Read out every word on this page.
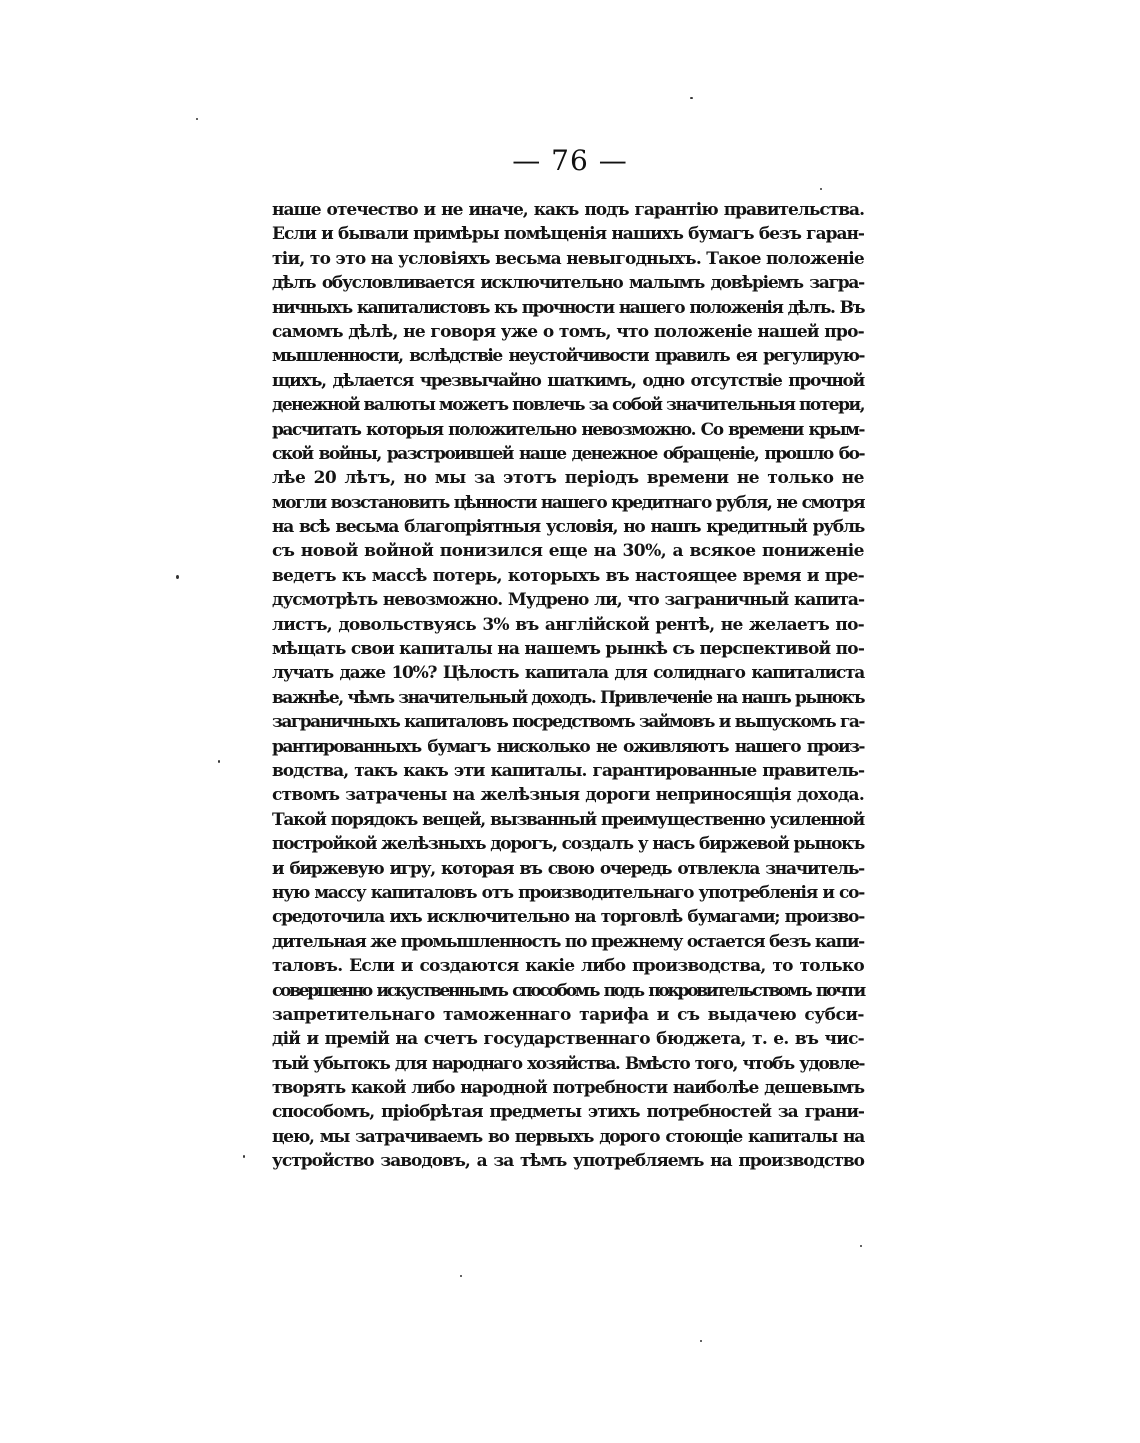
— 76 —
наше отечество и не иначе, какъ подъ гарантію правительства.
Если и бывали примѣры помѣщенія нашихъ бумагъ безъ гаран-
тіи, то это на условіяхъ весьма невыгодныхъ. Такое положеніе
дѣлъ обусловливается исключительно малымъ довѣріемъ загра-
ничныхъ капиталистовъ къ прочности нашего положенія дѣлъ. Въ
самомъ дѣлѣ, не говоря уже о томъ, что положеніе нашей про-
мышленности, вслѣдствіе неустойчивости правилъ ея регулирую-
щихъ, дѣлается чрезвычайно шаткимъ, одно отсутствіе прочной
денежной валюты можетъ повлечь за собой значительныя потери,
расчитать которыя положительно невозможно. Со времени крым-
ской войны, разстроившей наше денежное обращеніе, прошло бо-
лѣе 20 лѣтъ, но мы за этотъ періодъ времени не только не
могли возстановить цѣнности нашего кредитнаго рубля, не смотря
на всѣ весьма благопріятныя условія, но нашъ кредитный рубль
съ новой войной понизился еще на 30%, а всякое пониженіе
ведетъ къ массѣ потерь, которыхъ въ настоящее время и пре-
дусмотрѣть невозможно. Мудрено ли, что заграничный капита-
листъ, довольствуясь 3% въ англійской рентѣ, не желаетъ по-
мѣщать свои капиталы на нашемъ рынкѣ съ перспективой по-
лучать даже 10%? Цѣлость капитала для солиднаго капиталиста
важнѣе, чѣмъ значительный доходъ. Привлеченіе на нашъ рынокъ
заграничныхъ капиталовъ посредствомъ займовъ и выпускомъ га-
рантированныхъ бумагъ нисколько не оживляютъ нашего произ-
водства, такъ какъ эти капиталы. гарантированные правитель-
ствомъ затрачены на желѣзныя дороги неприносящія дохода.
Такой порядокъ вещей, вызванный преимущественно усиленной
постройкой желѣзныхъ дорогъ, создалъ у насъ биржевой рынокъ
и биржевую игру, которая въ свою очередь отвлекла значитель-
ную массу капиталовъ отъ производительнаго употребленія и со-
средоточила ихъ исключительно на торговлѣ бумагами; произво-
дительная же промышленность по прежнему остается безъ капи-
таловъ. Если и создаются какіе либо производства, то только
совершенно искуственнымъ способомъ подъ покровительствомъ почти
запретительнаго таможеннаго тарифа и съ выдачею субси-
дій и премій на счетъ государственнаго бюджета, т. е. въ чис-
тый убытокъ для народнаго хозяйства. Вмѣсто того, чтобъ удовле-
творять какой либо народной потребности наиболѣе дешевымъ
способомъ, пріобрѣтая предметы этихъ потребностей за грани-
цею, мы затрачиваемъ во первыхъ дорого стоющіе капиталы на
устройство заводовъ, а за тѣмъ употребляемъ на производство
